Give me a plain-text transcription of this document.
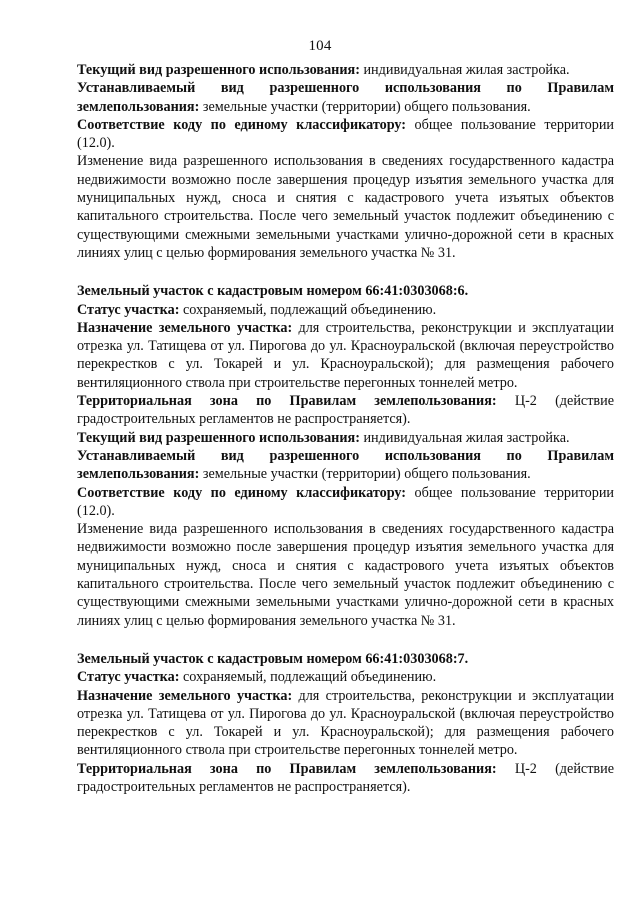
104

Текущий вид разрешенного использования: индивидуальная жилая застройка.

Устанавливаемый вид разрешенного использования по Правилам землепользования: земельные участки (территории) общего пользования.

Соответствие коду по единому классификатору: общее пользование территории (12.0).

Изменение вида разрешенного использования в сведениях государственного кадастра недвижимости возможно после завершения процедур изъятия земельного участка для муниципальных нужд, сноса и снятия с кадастрового учета изъятых объектов капитального строительства. После чего земельный участок подлежит объединению с существующими смежными земельными участками улично-дорожной сети в красных линиях улиц с целью формирования земельного участка № 31.

Земельный участок с кадастровым номером 66:41:0303068:6.

Статус участка: сохраняемый, подлежащий объединению.

Назначение земельного участка: для строительства, реконструкции и эксплуатации отрезка ул. Татищева от ул. Пирогова до ул. Красноуральской (включая переустройство перекрестков с ул. Токарей и ул. Красноуральской); для размещения рабочего вентиляционного ствола при строительстве перегонных тоннелей метро.

Территориальная зона по Правилам землепользования: Ц-2 (действие градостроительных регламентов не распространяется).

Текущий вид разрешенного использования: индивидуальная жилая застройка.

Устанавливаемый вид разрешенного использования по Правилам землепользования: земельные участки (территории) общего пользования.

Соответствие коду по единому классификатору: общее пользование территории (12.0).

Изменение вида разрешенного использования в сведениях государственного кадастра недвижимости возможно после завершения процедур изъятия земельного участка для муниципальных нужд, сноса и снятия с кадастрового учета изъятых объектов капитального строительства. После чего земельный участок подлежит объединению с существующими смежными земельными участками улично-дорожной сети в красных линиях улиц с целью формирования земельного участка № 31.

Земельный участок с кадастровым номером 66:41:0303068:7.

Статус участка: сохраняемый, подлежащий объединению.

Назначение земельного участка: для строительства, реконструкции и эксплуатации отрезка ул. Татищева от ул. Пирогова до ул. Красноуральской (включая переустройство перекрестков с ул. Токарей и ул. Красноуральской); для размещения рабочего вентиляционного ствола при строительстве перегонных тоннелей метро.

Территориальная зона по Правилам землепользования: Ц-2 (действие градостроительных регламентов не распространяется).
